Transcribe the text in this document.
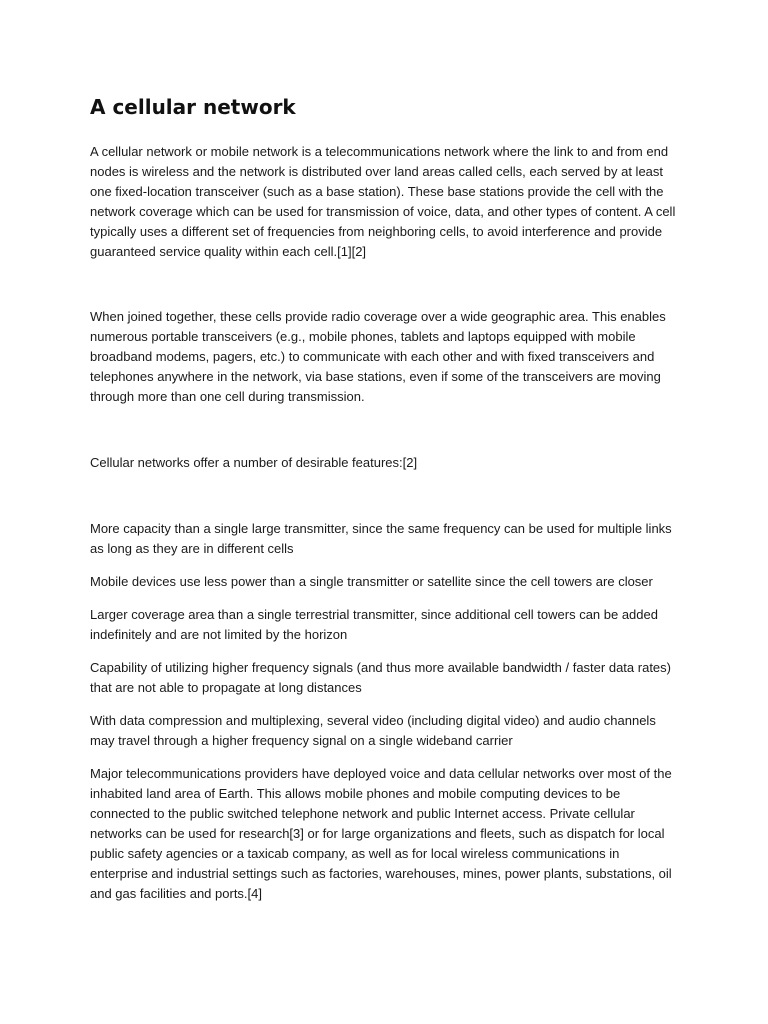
A cellular network

A cellular network or mobile network is a telecommunications network where the link to and from end nodes is wireless and the network is distributed over land areas called cells, each served by at least one fixed-location transceiver (such as a base station). These base stations provide the cell with the network coverage which can be used for transmission of voice, data, and other types of content. A cell typically uses a different set of frequencies from neighboring cells, to avoid interference and provide guaranteed service quality within each cell.[1][2]

When joined together, these cells provide radio coverage over a wide geographic area. This enables numerous portable transceivers (e.g., mobile phones, tablets and laptops equipped with mobile broadband modems, pagers, etc.) to communicate with each other and with fixed transceivers and telephones anywhere in the network, via base stations, even if some of the transceivers are moving through more than one cell during transmission.

Cellular networks offer a number of desirable features:[2]

More capacity than a single large transmitter, since the same frequency can be used for multiple links as long as they are in different cells

Mobile devices use less power than a single transmitter or satellite since the cell towers are closer

Larger coverage area than a single terrestrial transmitter, since additional cell towers can be added indefinitely and are not limited by the horizon

Capability of utilizing higher frequency signals (and thus more available bandwidth / faster data rates) that are not able to propagate at long distances

With data compression and multiplexing, several video (including digital video) and audio channels may travel through a higher frequency signal on a single wideband carrier

Major telecommunications providers have deployed voice and data cellular networks over most of the inhabited land area of Earth. This allows mobile phones and mobile computing devices to be connected to the public switched telephone network and public Internet access. Private cellular networks can be used for research[3] or for large organizations and fleets, such as dispatch for local public safety agencies or a taxicab company, as well as for local wireless communications in enterprise and industrial settings such as factories, warehouses, mines, power plants, substations, oil and gas facilities and ports.[4]
